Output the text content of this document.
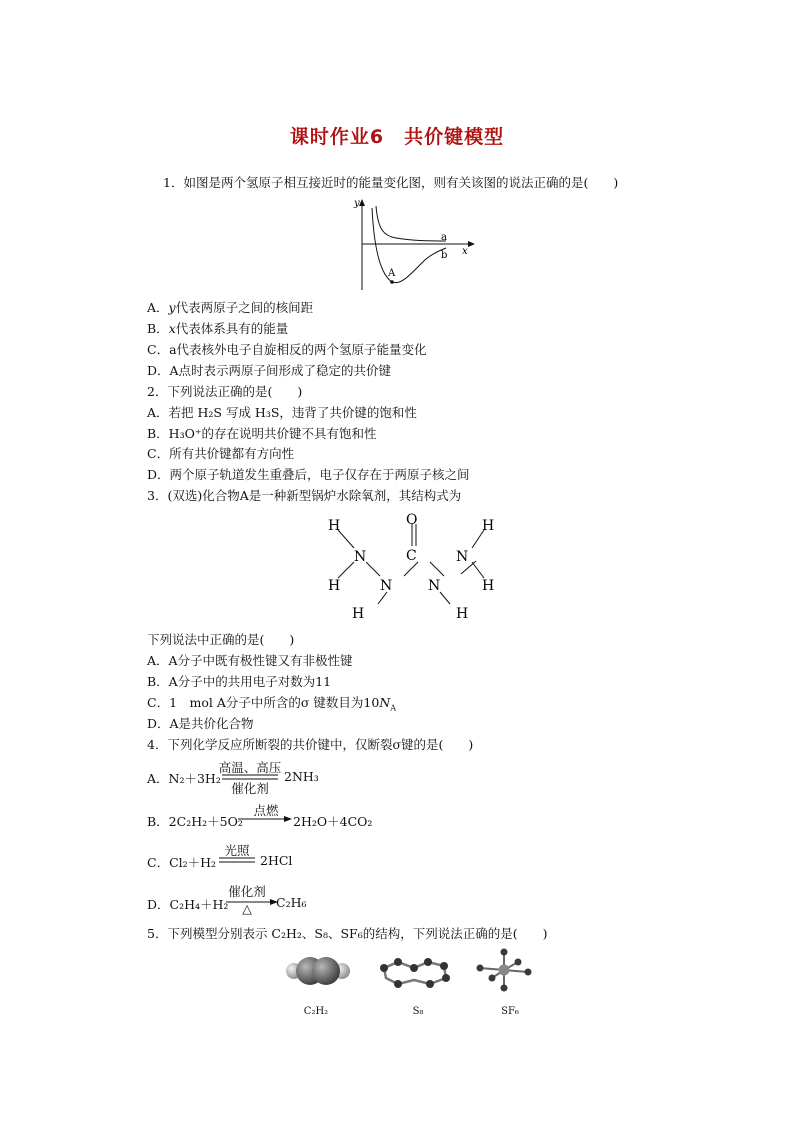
课时作业6　共价键模型
1．如图是两个氢原子相互接近时的能量变化图，则有关该图的说法正确的是(　　)
y
x
a
b
A
A．y代表两原子之间的核间距
B．x代表体系具有的能量
C．a代表核外电子自旋相反的两个氢原子能量变化
D．A点时表示两原子间形成了稳定的共价键
2．下列说法正确的是(　　)
A．若把 H₂S 写成 H₃S，违背了共价键的饱和性
B．H₃O⁺的存在说明共价键不具有饱和性
C．所有共价键都有方向性
D．两个原子轨道发生重叠后，电子仅存在于两原子核之间
3．(双选)化合物A是一种新型锅炉水除氧剂，其结构式为
H
N
H	N
H
O
C
N
H
N
H
H
下列说法中正确的是(　　)
A．A分子中既有极性键又有非极性键
B．A分子中的共用电子对数为11
C．1　mol A分子中所含的σ 键数目为$10N_A$
D．A是共价化合物
4．下列化学反应所断裂的共价键中，仅断裂σ键的是(　　)
A．N₂＋3H₂
高温、高压
催化剂
2NH₃
B．2C₂H₂＋5O₂
点燃
2H₂O＋4CO₂
C．Cl₂＋H₂
光照
2HCl
D．C₂H₄＋H₂
催化剂
△	C₂H₆
5．下列模型分别表示 C₂H₂、S₈、SF₆的结构，下列说法正确的是(　　)
C₂H₂	S₈	SF₆
